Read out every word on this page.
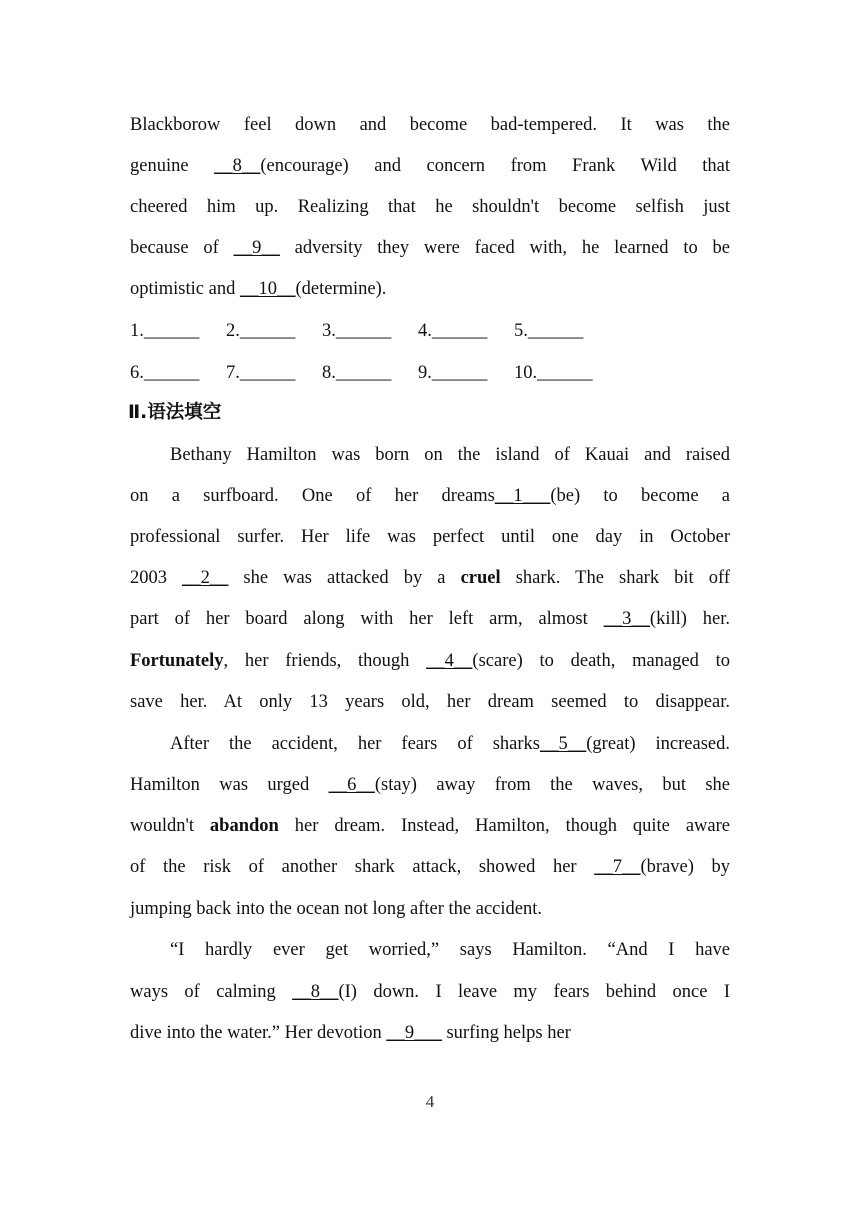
Blackborow feel down and become bad-tempered. It was the
genuine __8__(encourage) and concern from Frank Wild that
cheered him up. Realizing that he shouldn't become selfish just
because of __9__ adversity they were faced with, he learned to be
optimistic and __10__(determine).
1.______ 2.______ 3.______ 4.______ 5.______
6.______ 7.______ 8.______ 9.______ 10.______
Ⅱ.语法填空
Bethany Hamilton was born on the island of Kauai and raised
on a surfboard. One of her dreams__1___(be) to become a
professional surfer. Her life was perfect until one day in October
2003 __2__ she was attacked by a cruel shark. The shark bit off
part of her board along with her left arm, almost __3__(kill) her.
Fortunately, her friends, though __4__(scare) to death, managed to
save her. At only 13 years old, her dream seemed to disappear.
After the accident, her fears of sharks__5__(great) increased.
Hamilton was urged __6__(stay) away from the waves, but she
wouldn't abandon her dream. Instead, Hamilton, though quite aware
of the risk of another shark attack, showed her __7__(brave) by
jumping back into the ocean not long after the accident.
“I hardly ever get worried,” says Hamilton. “And I have
ways of calming __8__(I) down. I leave my fears behind once I
dive into the water.” Her devotion __9___ surfing helps her
4
